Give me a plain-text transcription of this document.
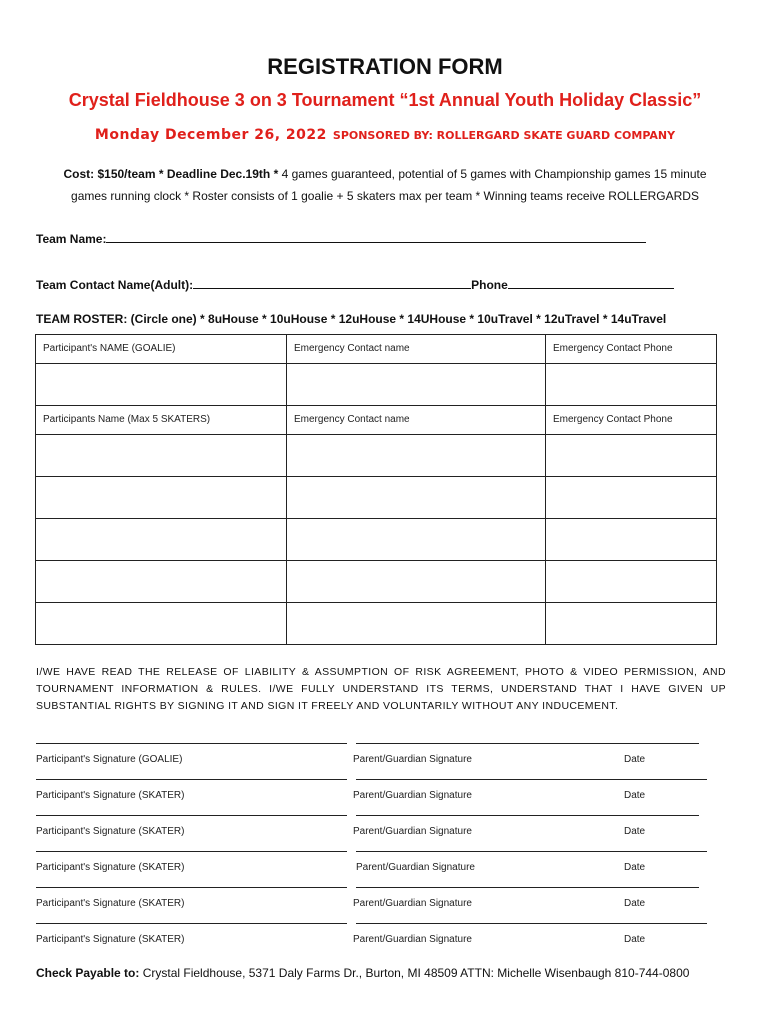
REGISTRATION FORM
Crystal Fieldhouse 3 on 3 Tournament “1st Annual Youth Holiday Classic”
Monday December 26, 2022 SPONSORED BY: ROLLERGARD SKATE GUARD COMPANY
Cost: $150/team * Deadline Dec.19th * 4 games guaranteed, potential of 5 games with Championship games 15 minute
games running clock * Roster consists of 1 goalie + 5 skaters max per team * Winning teams receive ROLLERGARDS
Team Name:
Team Contact Name(Adult):	Phone
TEAM ROSTER: (Circle one) * 8uHouse * 10uHouse * 12uHouse * 14UHouse * 10uTravel * 12uTravel * 14uTravel
Participant's NAME (GOALIE)	Emergency Contact name	Emergency Contact Phone

Participants Name (Max 5 SKATERS)	Emergency Contact name	Emergency Contact Phone

I/WE HAVE READ THE RELEASE OF LIABILITY & ASSUMPTION OF RISK AGREEMENT, PHOTO & VIDEO PERMISSION, AND TOURNAMENT INFORMATION & RULES. I/WE FULLY UNDERSTAND ITS TERMS, UNDERSTAND THAT I HAVE GIVEN UP SUBSTANTIAL RIGHTS BY SIGNING IT AND SIGN IT FREELY AND VOLUNTARILY WITHOUT ANY INDUCEMENT.
Participant's Signature (GOALIE)	Parent/Guardian Signature	Date
Participant's Signature (SKATER)	Parent/Guardian Signature	Date
Participant's Signature (SKATER)	Parent/Guardian Signature	Date
Participant's Signature (SKATER)	Parent/Guardian Signature	Date
Participant's Signature (SKATER)	Parent/Guardian Signature	Date
Participant's Signature (SKATER)	Parent/Guardian Signature	Date
Check Payable to: Crystal Fieldhouse, 5371 Daly Farms Dr., Burton, MI 48509 ATTN: Michelle Wisenbaugh 810-744-0800
